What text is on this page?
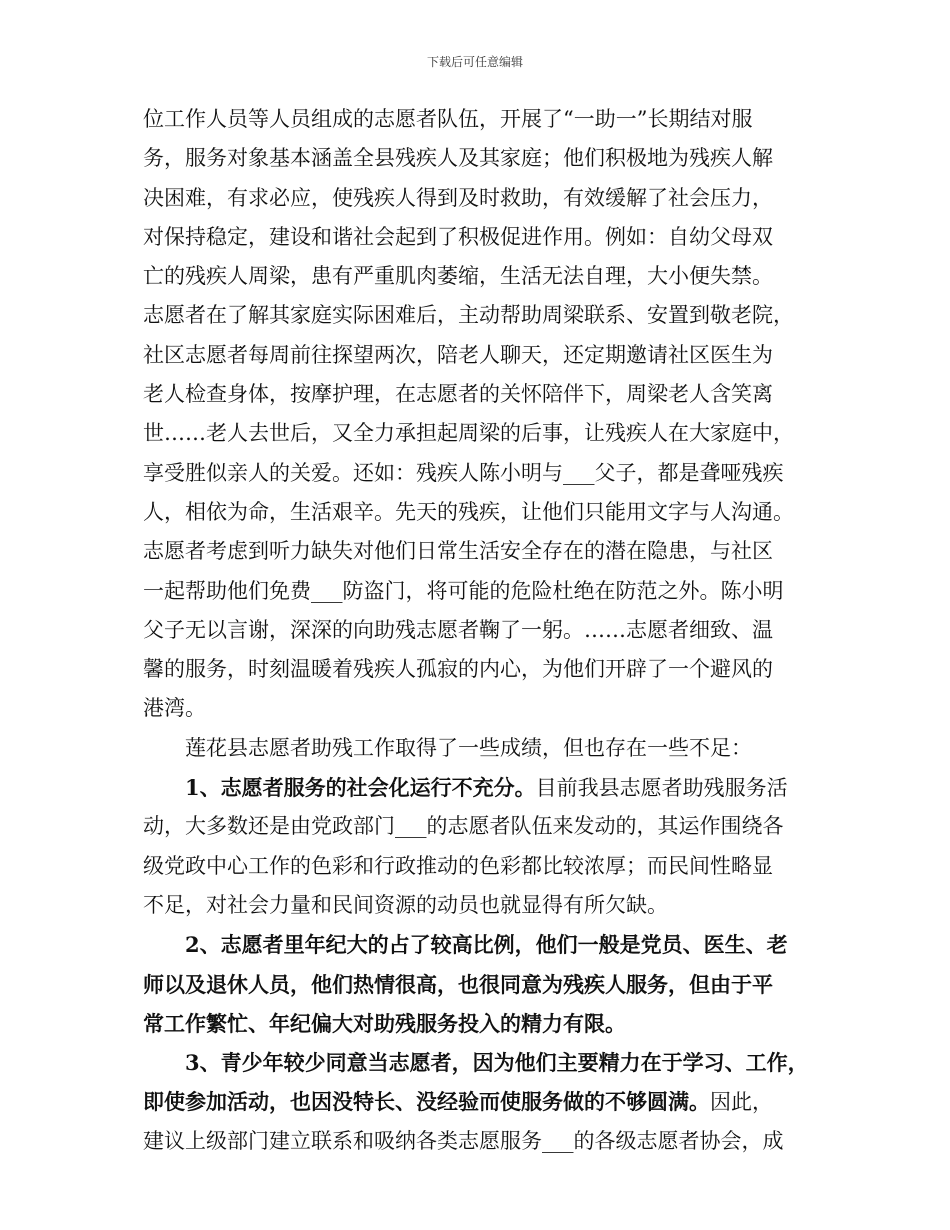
下载后可任意编辑
位工作人员等人员组成的志愿者队伍，开展了“一助一”长期结对服
务，服务对象基本涵盖全县残疾人及其家庭；他们积极地为残疾人解
决困难，有求必应，使残疾人得到及时救助，有效缓解了社会压力，
对保持稳定，建设和谐社会起到了积极促进作用。例如：自幼父母双
亡的残疾人周梁，患有严重肌肉萎缩，生活无法自理，大小便失禁。
志愿者在了解其家庭实际困难后，主动帮助周梁联系、安置到敬老院，
社区志愿者每周前往探望两次，陪老人聊天，还定期邀请社区医生为
老人检查身体，按摩护理，在志愿者的关怀陪伴下，周梁老人含笑离
世……老人去世后，又全力承担起周梁的后事，让残疾人在大家庭中，
享受胜似亲人的关爱。还如：残疾人陈小明与___父子，都是聋哑残疾
人，相依为命，生活艰辛。先天的残疾，让他们只能用文字与人沟通。
志愿者考虑到听力缺失对他们日常生活安全存在的潜在隐患，与社区
一起帮助他们免费___防盗门，将可能的危险杜绝在防范之外。陈小明
父子无以言谢，深深的向助残志愿者鞠了一躬。……志愿者细致、温
馨的服务，时刻温暖着残疾人孤寂的内心，为他们开辟了一个避风的
港湾。
　　莲花县志愿者助残工作取得了一些成绩，但也存在一些不足：
　　1、志愿者服务的社会化运行不充分。目前我县志愿者助残服务活
动，大多数还是由党政部门___的志愿者队伍来发动的，其运作围绕各
级党政中心工作的色彩和行政推动的色彩都比较浓厚；而民间性略显
不足，对社会力量和民间资源的动员也就显得有所欠缺。
　　2、志愿者里年纪大的占了较高比例，他们一般是党员、医生、老
师以及退休人员，他们热情很高，也很同意为残疾人服务，但由于平
常工作繁忙、年纪偏大对助残服务投入的精力有限。
　　3、青少年较少同意当志愿者，因为他们主要精力在于学习、工作，
即使参加活动，也因没特长、没经验而使服务做的不够圆满。因此，
建议上级部门建立联系和吸纳各类志愿服务___的各级志愿者协会，成
